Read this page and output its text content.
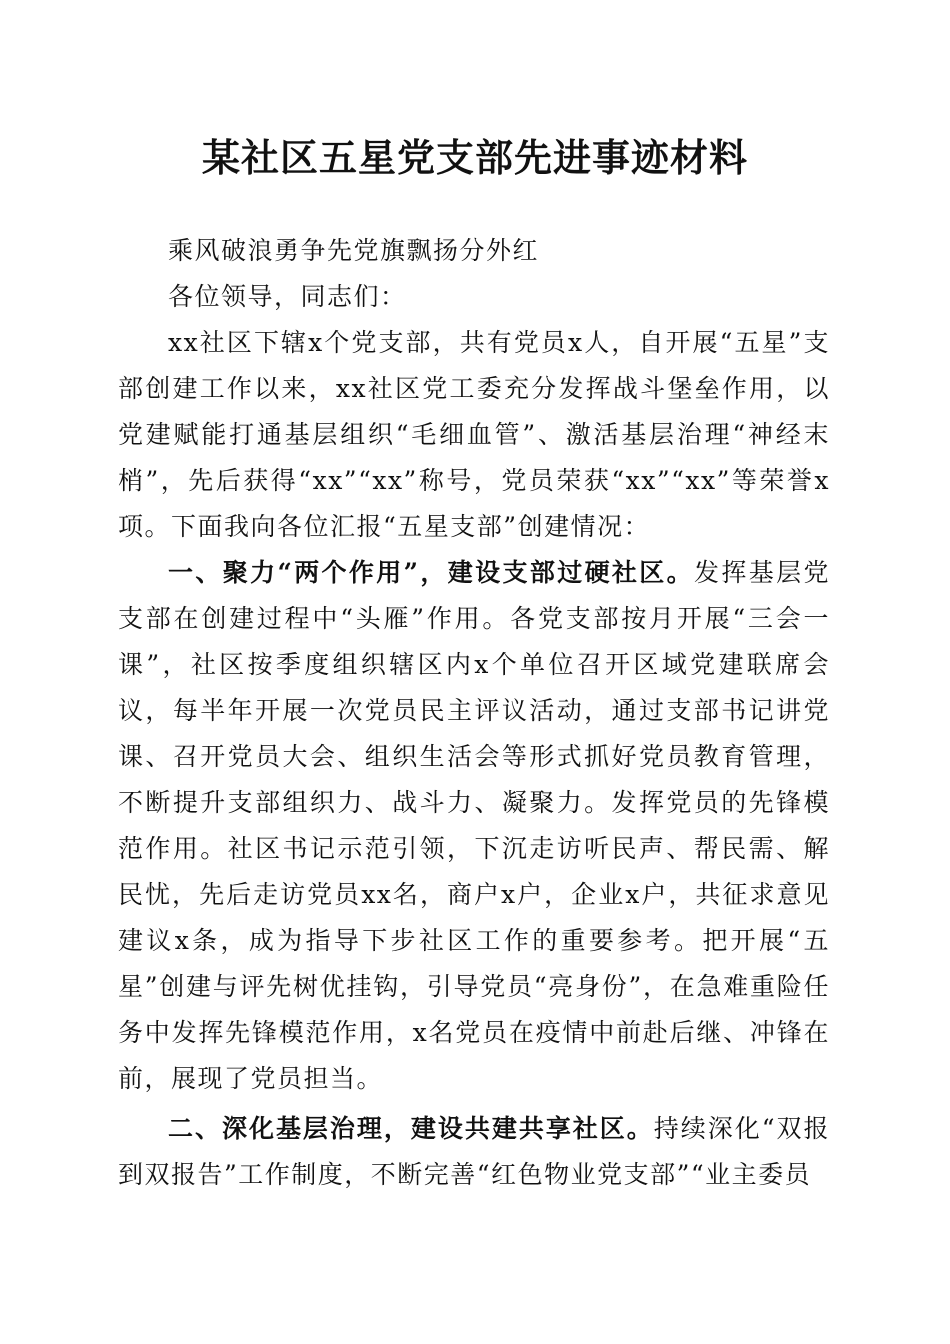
某社区五星党支部先进事迹材料

乘风破浪勇争先党旗飘扬分外红

各位领导，同志们：

xx社区下辖x个党支部，共有党员x人，自开展“五星”支部创建工作以来，xx社区党工委充分发挥战斗堡垒作用，以党建赋能打通基层组织“毛细血管”、激活基层治理“神经末梢”，先后获得“xx”“xx”称号，党员荣获“xx”“xx”等荣誉x项。下面我向各位汇报“五星支部”创建情况：

一、聚力“两个作用”，建设支部过硬社区。发挥基层党支部在创建过程中“头雁”作用。各党支部按月开展“三会一课”，社区按季度组织辖区内x个单位召开区域党建联席会议，每半年开展一次党员民主评议活动，通过支部书记讲党课、召开党员大会、组织生活会等形式抓好党员教育管理，不断提升支部组织力、战斗力、凝聚力。发挥党员的先锋模范作用。社区书记示范引领，下沉走访听民声、帮民需、解民忧，先后走访党员xx名，商户x户，企业x户，共征求意见建议x条，成为指导下步社区工作的重要参考。把开展“五星”创建与评先树优挂钩，引导党员“亮身份”，在急难重险任务中发挥先锋模范作用，x名党员在疫情中前赴后继、冲锋在前，展现了党员担当。

二、深化基层治理，建设共建共享社区。持续深化“双报到双报告”工作制度，不断完善“红色物业党支部”“业主委员
